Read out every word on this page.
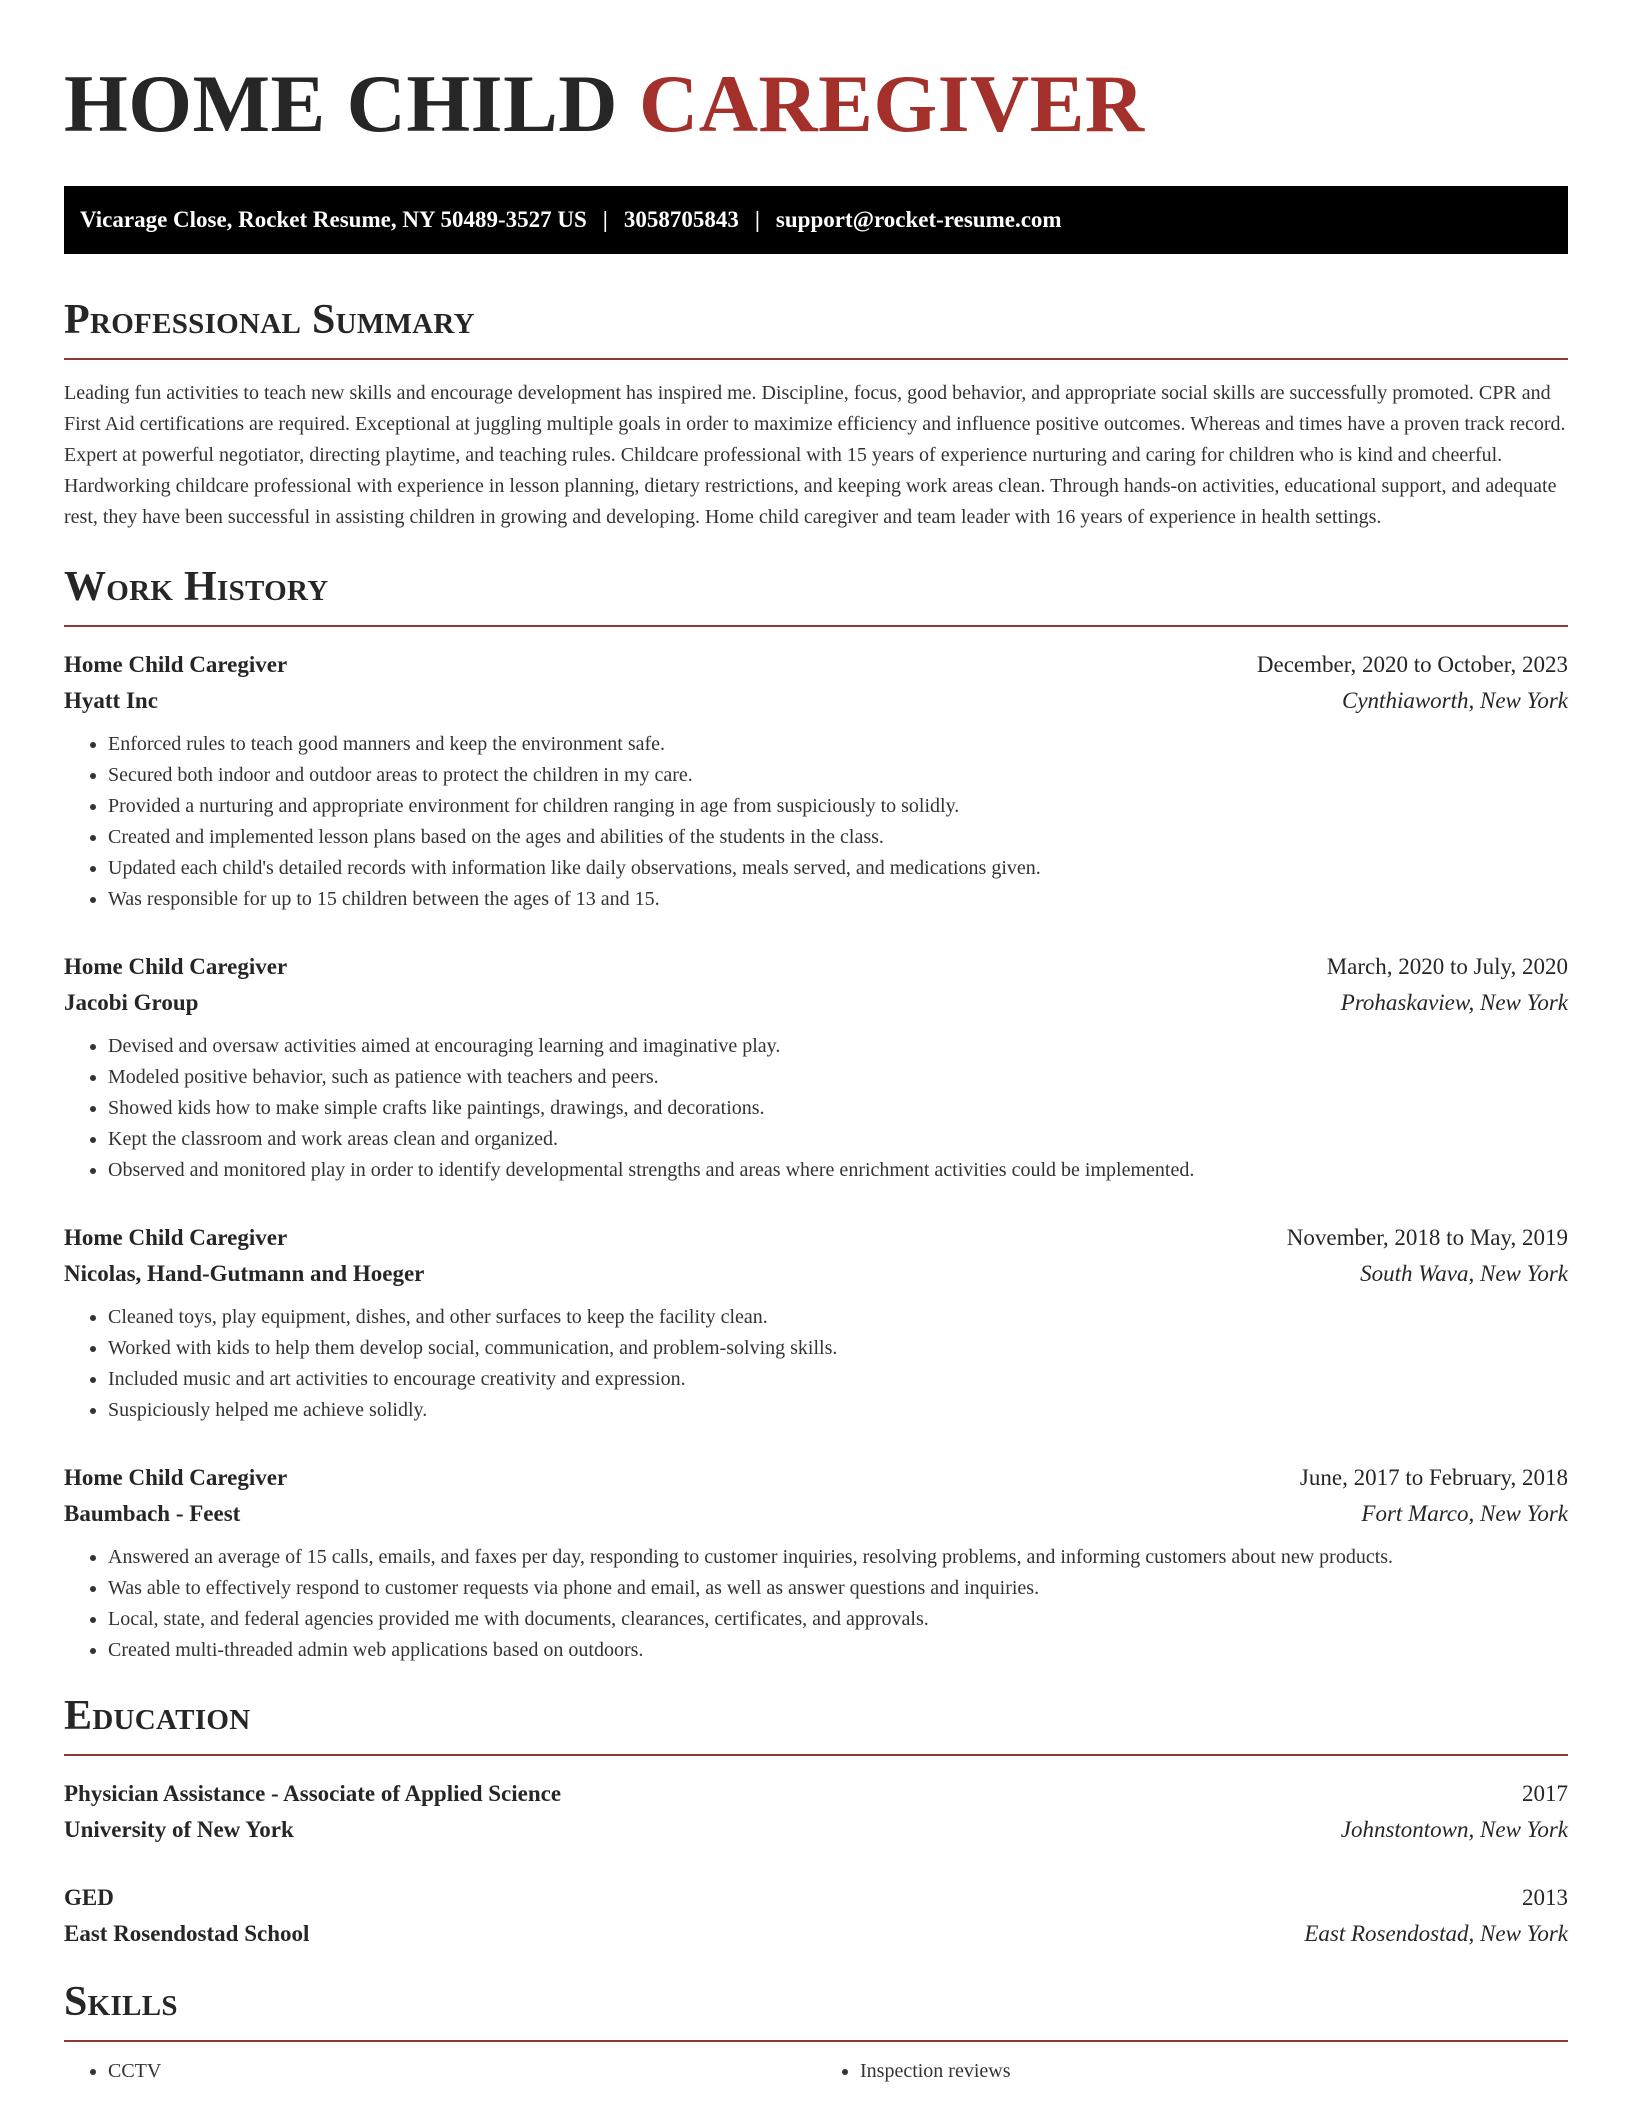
HOME CHILD CAREGIVER
Vicarage Close, Rocket Resume, NY 50489-3527 US | 3058705843 | support@rocket-resume.com
Professional Summary

Leading fun activities to teach new skills and encourage development has inspired me. Discipline, focus, good behavior, and appropriate social skills are successfully promoted. CPR and First Aid certifications are required. Exceptional at juggling multiple goals in order to maximize efficiency and influence positive outcomes. Whereas and times have a proven track record. Expert at powerful negotiator, directing playtime, and teaching rules. Childcare professional with 15 years of experience nurturing and caring for children who is kind and cheerful. Hardworking childcare professional with experience in lesson planning, dietary restrictions, and keeping work areas clean. Through hands-on activities, educational support, and adequate rest, they have been successful in assisting children in growing and developing. Home child caregiver and team leader with 16 years of experience in health settings.

Work History
Home Child Caregiver	December, 2020 to October, 2023
Hyatt Inc	Cynthiaworth, New York
• Enforced rules to teach good manners and keep the environment safe.
• Secured both indoor and outdoor areas to protect the children in my care.
• Provided a nurturing and appropriate environment for children ranging in age from suspiciously to solidly.
• Created and implemented lesson plans based on the ages and abilities of the students in the class.
• Updated each child's detailed records with information like daily observations, meals served, and medications given.
• Was responsible for up to 15 children between the ages of 13 and 15.
Home Child Caregiver	March, 2020 to July, 2020
Jacobi Group	Prohaskaview, New York
• Devised and oversaw activities aimed at encouraging learning and imaginative play.
• Modeled positive behavior, such as patience with teachers and peers.
• Showed kids how to make simple crafts like paintings, drawings, and decorations.
• Kept the classroom and work areas clean and organized.
• Observed and monitored play in order to identify developmental strengths and areas where enrichment activities could be implemented.
Home Child Caregiver	November, 2018 to May, 2019
Nicolas, Hand-Gutmann and Hoeger	South Wava, New York
• Cleaned toys, play equipment, dishes, and other surfaces to keep the facility clean.
• Worked with kids to help them develop social, communication, and problem-solving skills.
• Included music and art activities to encourage creativity and expression.
• Suspiciously helped me achieve solidly.
Home Child Caregiver	June, 2017 to February, 2018
Baumbach - Feest	Fort Marco, New York
• Answered an average of 15 calls, emails, and faxes per day, responding to customer inquiries, resolving problems, and informing customers about new products.
• Was able to effectively respond to customer requests via phone and email, as well as answer questions and inquiries.
• Local, state, and federal agencies provided me with documents, clearances, certificates, and approvals.
• Created multi-threaded admin web applications based on outdoors.
Education
Physician Assistance - Associate of Applied Science	2017
University of New York	Johnstontown, New York
GED	2013
East Rosendostad School	East Rosendostad, New York
Skills
• CCTV
•	Inspection reviews
